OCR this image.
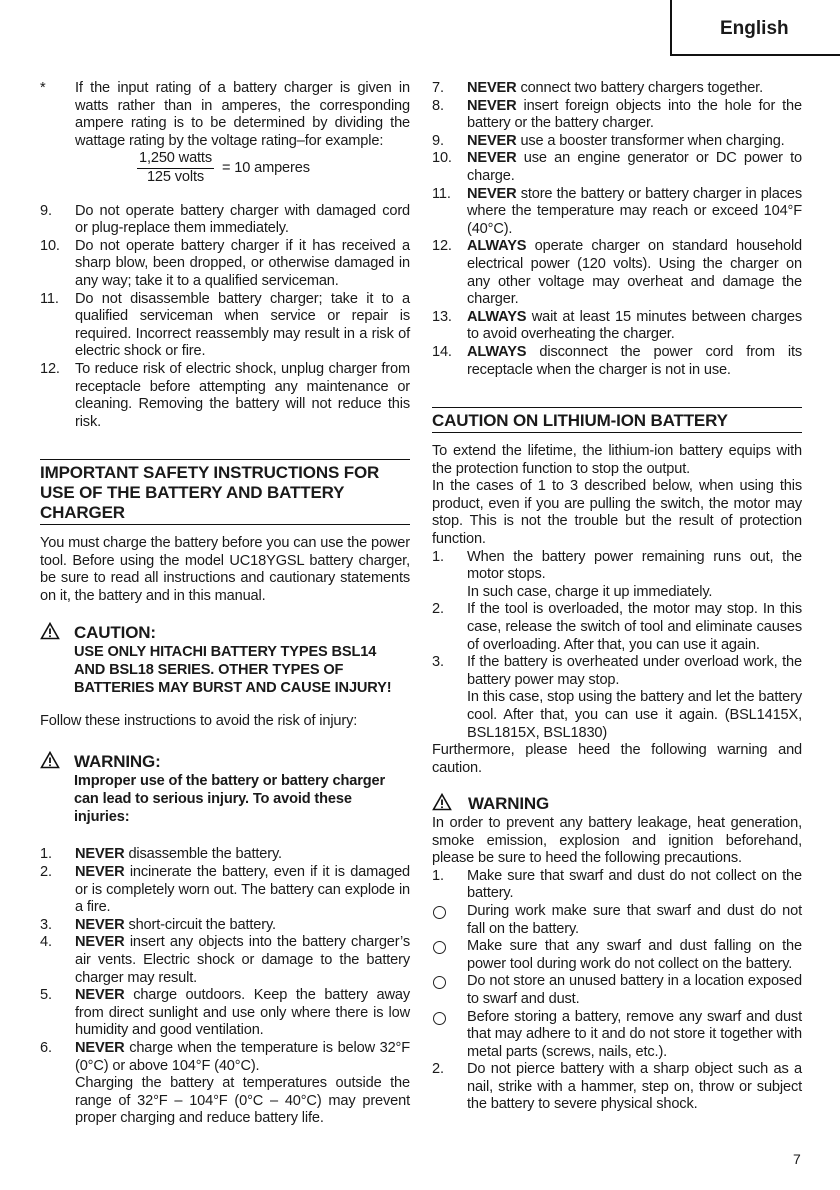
English
*	If the input rating of a battery charger is given in watts rather than in amperes, the corresponding ampere rating is to be determined by dividing the wattage rating by the voltage rating–for example:
$\frac{\text{1,250 watts}}{\text{125 volts}} = 10$ amperes
9.	Do not operate battery charger with damaged cord or plug-replace them immediately.
10.	Do not operate battery charger if it has received a sharp blow, been dropped, or otherwise damaged in any way; take it to a qualified serviceman.
11.	Do not disassemble battery charger; take it to a qualified serviceman when service or repair is required. Incorrect reassembly may result in a risk of electric shock or fire.
12.	To reduce risk of electric shock, unplug charger from receptacle before attempting any maintenance or cleaning. Removing the battery will not reduce this risk.
IMPORTANT SAFETY INSTRUCTIONS FOR USE OF THE BATTERY AND BATTERY CHARGER

You must charge the battery before you can use the power tool. Before using the model UC18YGSL battery charger, be sure to read all instructions and cautionary statements on it, the battery and in this manual.

CAUTION:
USE ONLY HITACHI BATTERY TYPES BSL14 AND BSL18 SERIES. OTHER TYPES OF BATTERIES MAY BURST AND CAUSE INJURY!

Follow these instructions to avoid the risk of injury:

WARNING:
Improper use of the battery or battery charger can lead to serious injury. To avoid these injuries:
1.	NEVER disassemble the battery.
2.	NEVER incinerate the battery, even if it is damaged or is completely worn out. The battery can explode in a fire.
3.	NEVER short-circuit the battery.
4.	NEVER insert any objects into the battery charger’s air vents. Electric shock or damage to the battery charger may result.
5.	NEVER charge outdoors. Keep the battery away from direct sunlight and use only where there is low humidity and good ventilation.
6.	NEVER charge when the temperature is below 32°F (0°C) or above 104°F (40°C).
Charging the battery at temperatures outside the range of 32°F – 104°F (0°C – 40°C) may prevent proper charging and reduce battery life.
7.	NEVER connect two battery chargers together.
8.	NEVER insert foreign objects into the hole for the battery or the battery charger.
9.	NEVER use a booster transformer when charging.
10.	NEVER use an engine generator or DC power to charge.
11.	NEVER store the battery or battery charger in places where the temperature may reach or exceed 104°F (40°C).
12.	ALWAYS operate charger on standard household electrical power (120 volts). Using the charger on any other voltage may overheat and damage the charger.
13.	ALWAYS wait at least 15 minutes between charges to avoid overheating the charger.
14.	ALWAYS disconnect the power cord from its receptacle when the charger is not in use.
CAUTION ON LITHIUM-ION BATTERY

To extend the lifetime, the lithium-ion battery equips with the protection function to stop the output.

In the cases of 1 to 3 described below, when using this product, even if you are pulling the switch, the motor may stop. This is not the trouble but the result of protection function.

1.	When the battery power remaining runs out, the motor stops.
In such case, charge it up immediately.
2.	If the tool is overloaded, the motor may stop. In this case, release the switch of tool and eliminate causes of overloading. After that, you can use it again.
3.	If the battery is overheated under overload work, the battery power may stop.
In this case, stop using the battery and let the battery cool. After that, you can use it again. (BSL1415X, BSL1815X, BSL1830)

Furthermore, please heed the following warning and caution.

WARNING

In order to prevent any battery leakage, heat generation, smoke emission, explosion and ignition beforehand, please be sure to heed the following precautions.

1.	Make sure that swarf and dust do not collect on the battery.
During work make sure that swarf and dust do not fall on the battery.
Make sure that any swarf and dust falling on the power tool during work do not collect on the battery.
Do not store an unused battery in a location exposed to swarf and dust.
Before storing a battery, remove any swarf and dust that may adhere to it and do not store it together with metal parts (screws, nails, etc.).
2.	Do not pierce battery with a sharp object such as a nail, strike with a hammer, step on, throw or subject the battery to severe physical shock.
7
